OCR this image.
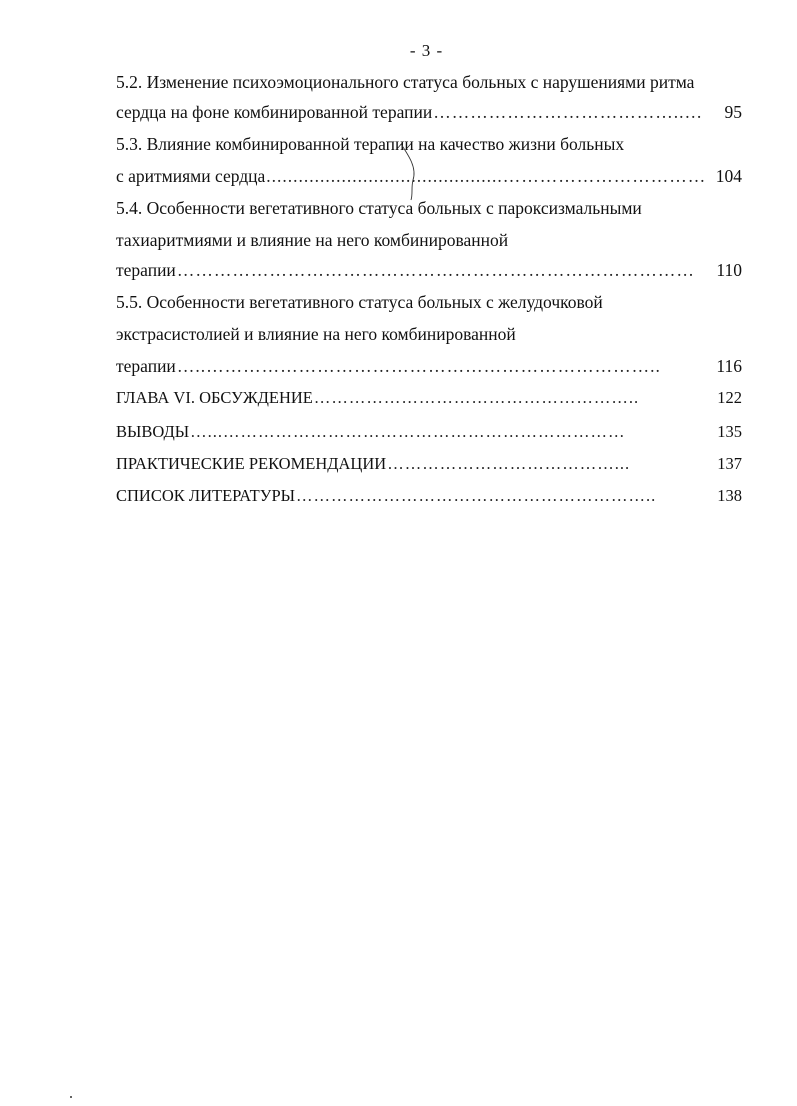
- 3 -
5.2. Изменение психоэмоционального статуса больных с нарушениями ритма
сердца на фоне комбинированной терапии …………………………………..…	95
5.3. Влияние комбинированной терапии на качество жизни больных
с аритмиями сердца ............................................…………………………… 104
5.4. Особенности вегетативного статуса больных с пароксизмальными
тахиаритмиями и влияние на него комбинированной
терапии …………………………………………………………………………	110
5.5. Особенности вегетативного статуса больных с желудочковой
экстрасистолией и влияние на него комбинированной
терапии …..………………………………………………………………..	116
ГЛАВА VI. ОБСУЖДЕНИЕ ………………………………………………..	122
ВЫВОДЫ …...……………………………………………………………	135
ПРАКТИЧЕСКИЕ РЕКОМЕНДАЦИИ …………………………………...	137
СПИСОК ЛИТЕРАТУРЫ ……………………………………………………..	138
